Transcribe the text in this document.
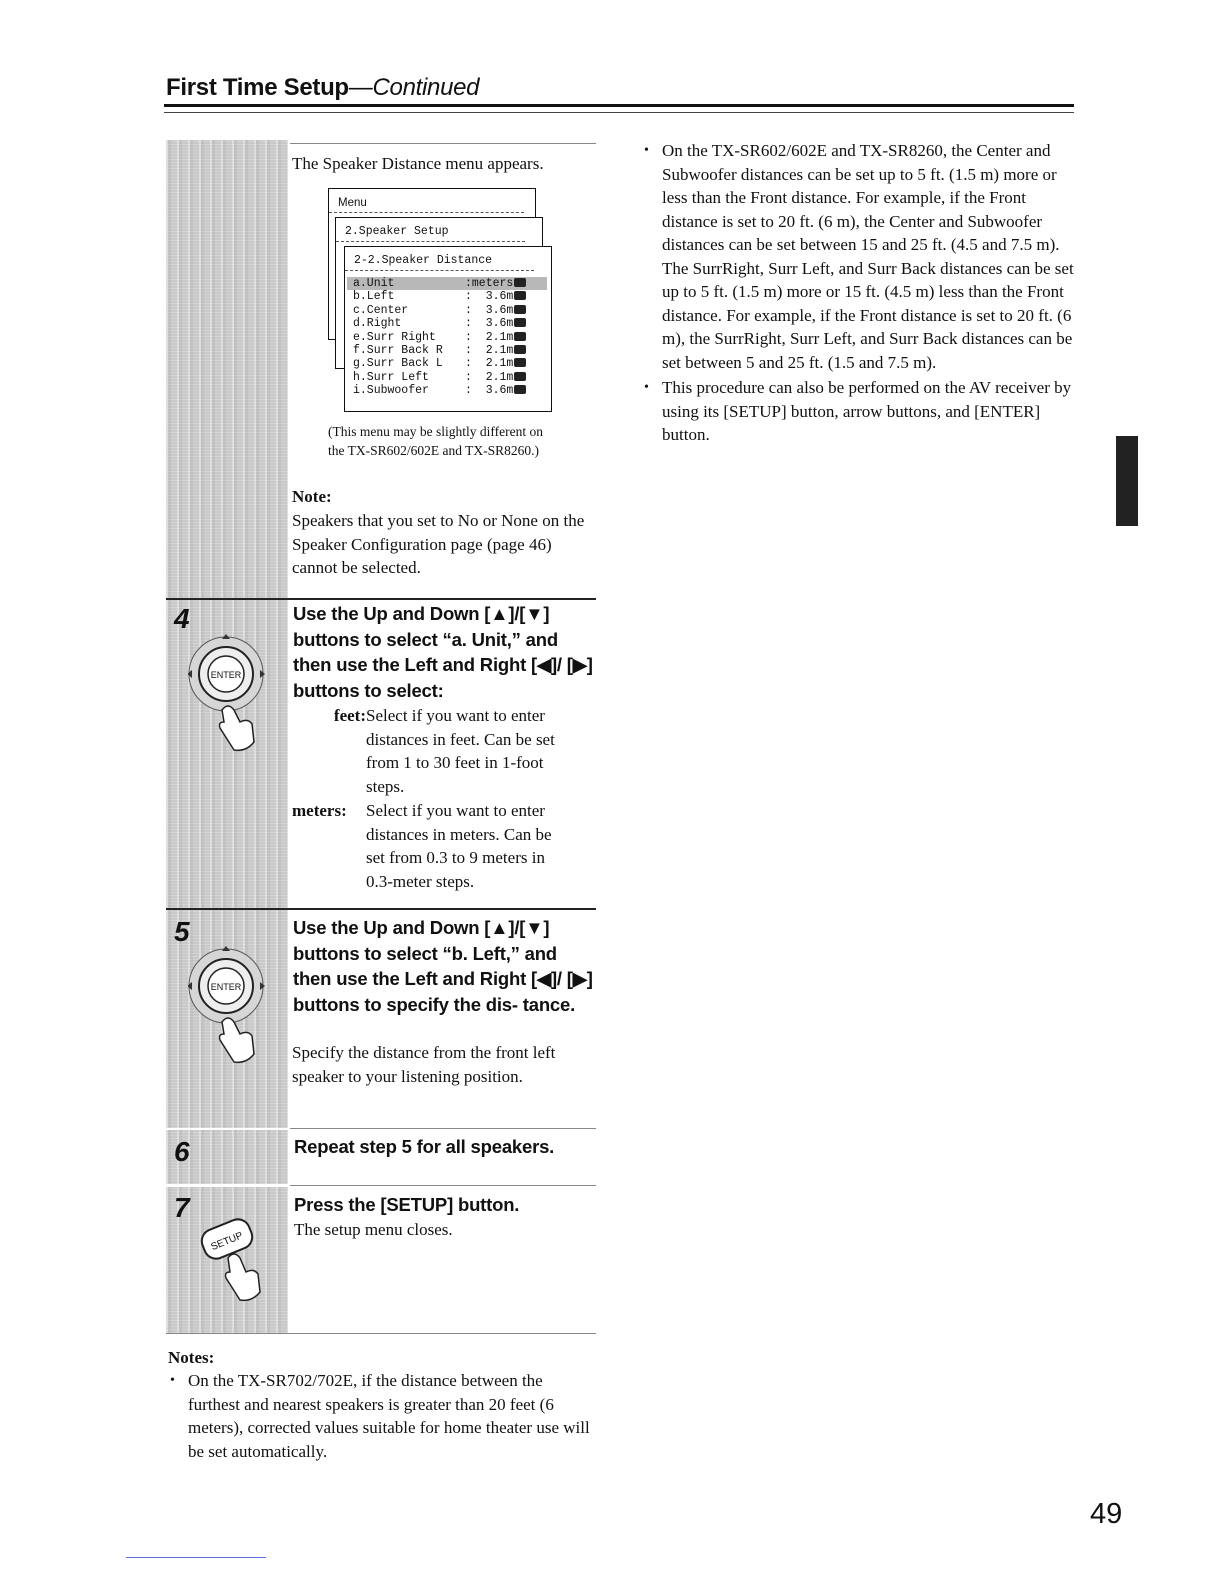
First Time Setup—Continued
The Speaker Distance menu appears.
Menu
2.Speaker Setup
2-2.Speaker Distance
a.Unit	:meters
b.Left	:  3.6m
c.Center	:  3.6m
d.Right	:  3.6m
e.Surr Right	:  2.1m
f.Surr Back R :  2.1m
g.Surr Back L :  2.1m
h.Surr Left	:  2.1m
i.Subwoofer	:  3.6m
(This menu may be slightly different on
the TX-SR602/602E and TX-SR8260.)
Note:
Speakers that you set to No or None on the Speaker Configuration page (page 46) cannot be selected.
4
ENTER
Use the Up and Down [▲]/[▼] buttons to select “a. Unit,” and then use the Left and Right [◀]/ [▶] buttons to select:
feet: Select if you want to enter distances in feet. Can be set from 1 to 30 feet in 1-foot steps.
meters:	Select if you want to enter distances in meters. Can be set from 0.3 to 9 meters in 0.3-meter steps.
5
ENTER
Use the Up and Down [▲]/[▼] buttons to select “b. Left,” and then use the Left and Right [◀]/ [▶] buttons to specify the dis- tance.
Specify the distance from the front left speaker to your listening position.
6	Repeat step 5 for all speakers.
7
SETUP
Press the [SETUP] button.
The setup menu closes.
Notes:
• On the TX-SR702/702E, if the distance between the furthest and nearest speakers is greater than 20 feet (6 meters), corrected values suitable for home theater use will be set automatically.
• On the TX-SR602/602E and TX-SR8260, the Center and Subwoofer distances can be set up to 5 ft. (1.5 m) more or less than the Front distance. For example, if the Front distance is set to 20 ft. (6 m), the Center and Subwoofer distances can be set between 15 and 25 ft. (4.5 and 7.5 m). The SurrRight, Surr Left, and Surr Back distances can be set up to 5 ft. (1.5 m) more or 15 ft. (4.5 m) less than the Front distance. For example, if the Front distance is set to 20 ft. (6 m), the SurrRight, Surr Left, and Surr Back distances can be set between 5 and 25 ft. (1.5 and 7.5 m).
• This procedure can also be performed on the AV receiver by using its [SETUP] button, arrow buttons, and [ENTER] button.
49
